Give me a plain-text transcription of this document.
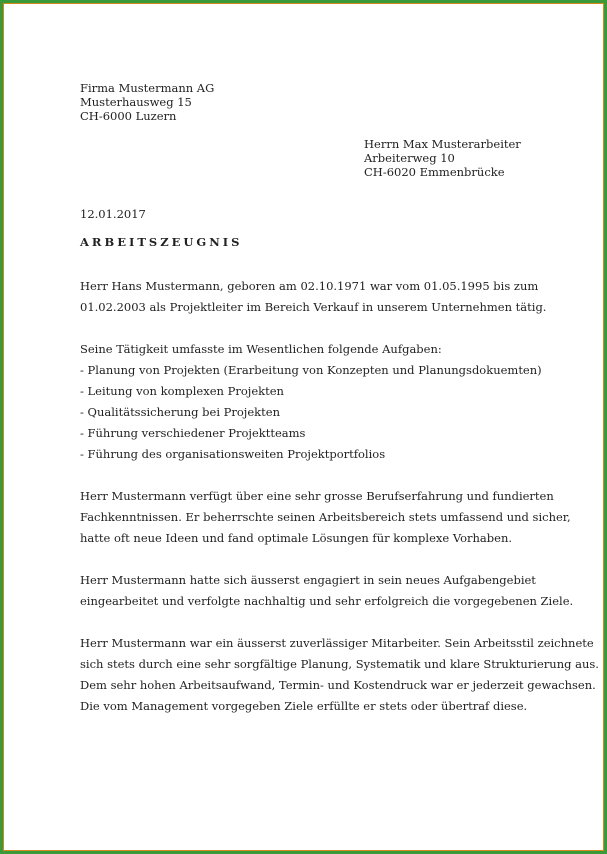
Firma Mustermann AG
Musterhausweg 15
CH-6000 Luzern
Herrn Max Musterarbeiter
Arbeiterweg 10
CH-6020 Emmenbrücke
12.01.2017
ARBEITSZEUGNIS
Herr Hans Mustermann, geboren am 02.10.1971 war vom 01.05.1995 bis zum
01.02.2003 als Projektleiter im Bereich Verkauf in unserem Unternehmen tätig.
Seine Tätigkeit umfasste im Wesentlichen folgende Aufgaben:
- Planung von Projekten (Erarbeitung von Konzepten und Planungsdokuemten)
- Leitung von komplexen Projekten
- Qualitätssicherung bei Projekten
- Führung verschiedener Projektteams
- Führung des organisationsweiten Projektportfolios
Herr Mustermann verfügt über eine sehr grosse Berufserfahrung und fundierten
Fachkenntnissen. Er beherrschte seinen Arbeitsbereich stets umfassend und sicher,
hatte oft neue Ideen und fand optimale Lösungen für komplexe Vorhaben.
Herr Mustermann hatte sich äusserst engagiert in sein neues Aufgabengebiet
eingearbeitet und verfolgte nachhaltig und sehr erfolgreich die vorgegebenen Ziele.
Herr Mustermann war ein äusserst zuverlässiger Mitarbeiter. Sein Arbeitsstil zeichnete
sich stets durch eine sehr sorgfältige Planung, Systematik und klare Strukturierung aus.
Dem sehr hohen Arbeitsaufwand, Termin- und Kostendruck war er jederzeit gewachsen.
Die vom Management vorgegeben Ziele erfüllte er stets oder übertraf diese.
